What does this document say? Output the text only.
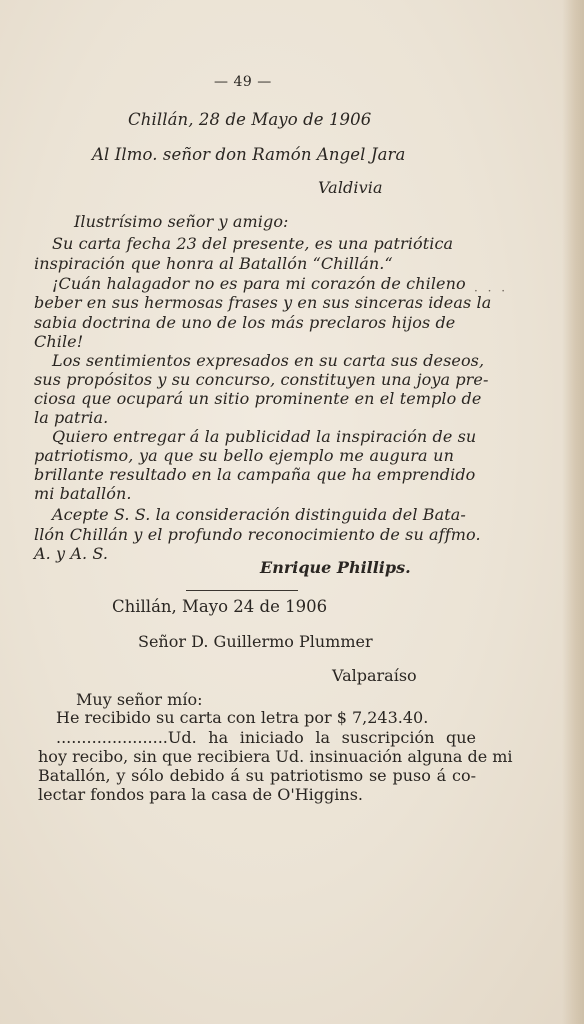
— 49 —
Chillán, 28 de Mayo de 1906
Al Ilmo. señor don Ramón Angel Jara
Valdivia
Ilustrísimo señor y amigo:
Su carta fecha 23 del presente, es una patriótica
inspiración que honra al Batallón “Chillán.“
¡Cuán halagador no es para mi corazón de chileno
beber en sus hermosas frases y en sus sinceras ideas la
sabia doctrina de uno de los más preclaros hijos de
Chile!
Los sentimientos expresados en su carta sus deseos,
sus propósitos y su concurso, constituyen una joya pre-
ciosa que ocupará un sitio prominente en el templo de
la patria.
Quiero entregar á la publicidad la inspiración de su
patriotismo, ya que su bello ejemplo me augura un
brillante resultado en la campaña que ha emprendido
mi batallón.
Acepte S. S. la consideración distinguida del Bata-
llón Chillán y el profundo reconocimiento de su affmo.
A. y A. S.
Enrique Phillips.
· · ·
Chillán, Mayo 24 de 1906
Señor D. Guillermo Plummer
Valparaíso
Muy señor mío:
He recibido su carta con letra por $ 7,243.40.
......................Ud. ha iniciado la suscripción que
hoy recibo, sin que recibiera Ud. insinuación alguna de mi
Batallón, y sólo debido á su patriotismo se puso á co-
lectar fondos para la casa de O'Higgins.
